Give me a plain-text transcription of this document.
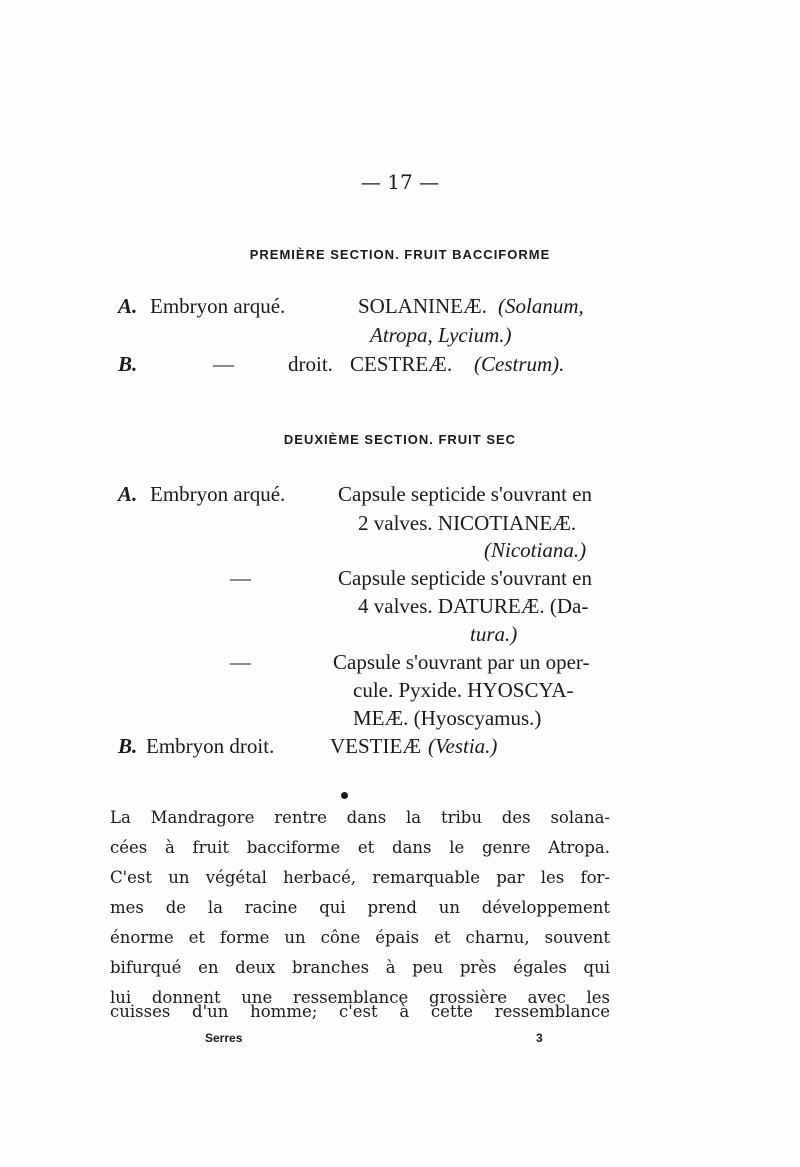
— 17 —
PREMIÈRE SECTION. FRUIT BACCIFORME
A. Embryon arqué.	SOLANINEÆ. (Solanum,
Atropa, Lycium.)
B.	—	droit. CESTREÆ. (Cestrum).
DEUXIÈME SECTION. FRUIT SEC
A. Embryon arqué.	Capsule septicide s'ouvrant en
2 valves. NICOTIANEÆ.
(Nicotiana.)
—	Capsule septicide s'ouvrant en
4 valves. DATUREÆ. (Da-
tura.)
—	Capsule s'ouvrant par un oper-
cule. Pyxide. HYOSCYA-
MEÆ. (Hyoscyamus.)
B. Embryon droit.	VESTIEÆ (Vestia.)
La Mandragore rentre dans la tribu des solana-
cées à fruit bacciforme et dans le genre Atropa.
C'est un végétal herbacé, remarquable par les for-
mes de la racine qui prend un développement
énorme et forme un cône épais et charnu, souvent
bifurqué en deux branches à peu près égales qui
lui donnent une ressemblance grossière avec les
cuisses d'un homme; c'est à cette ressemblance
Serres	3
